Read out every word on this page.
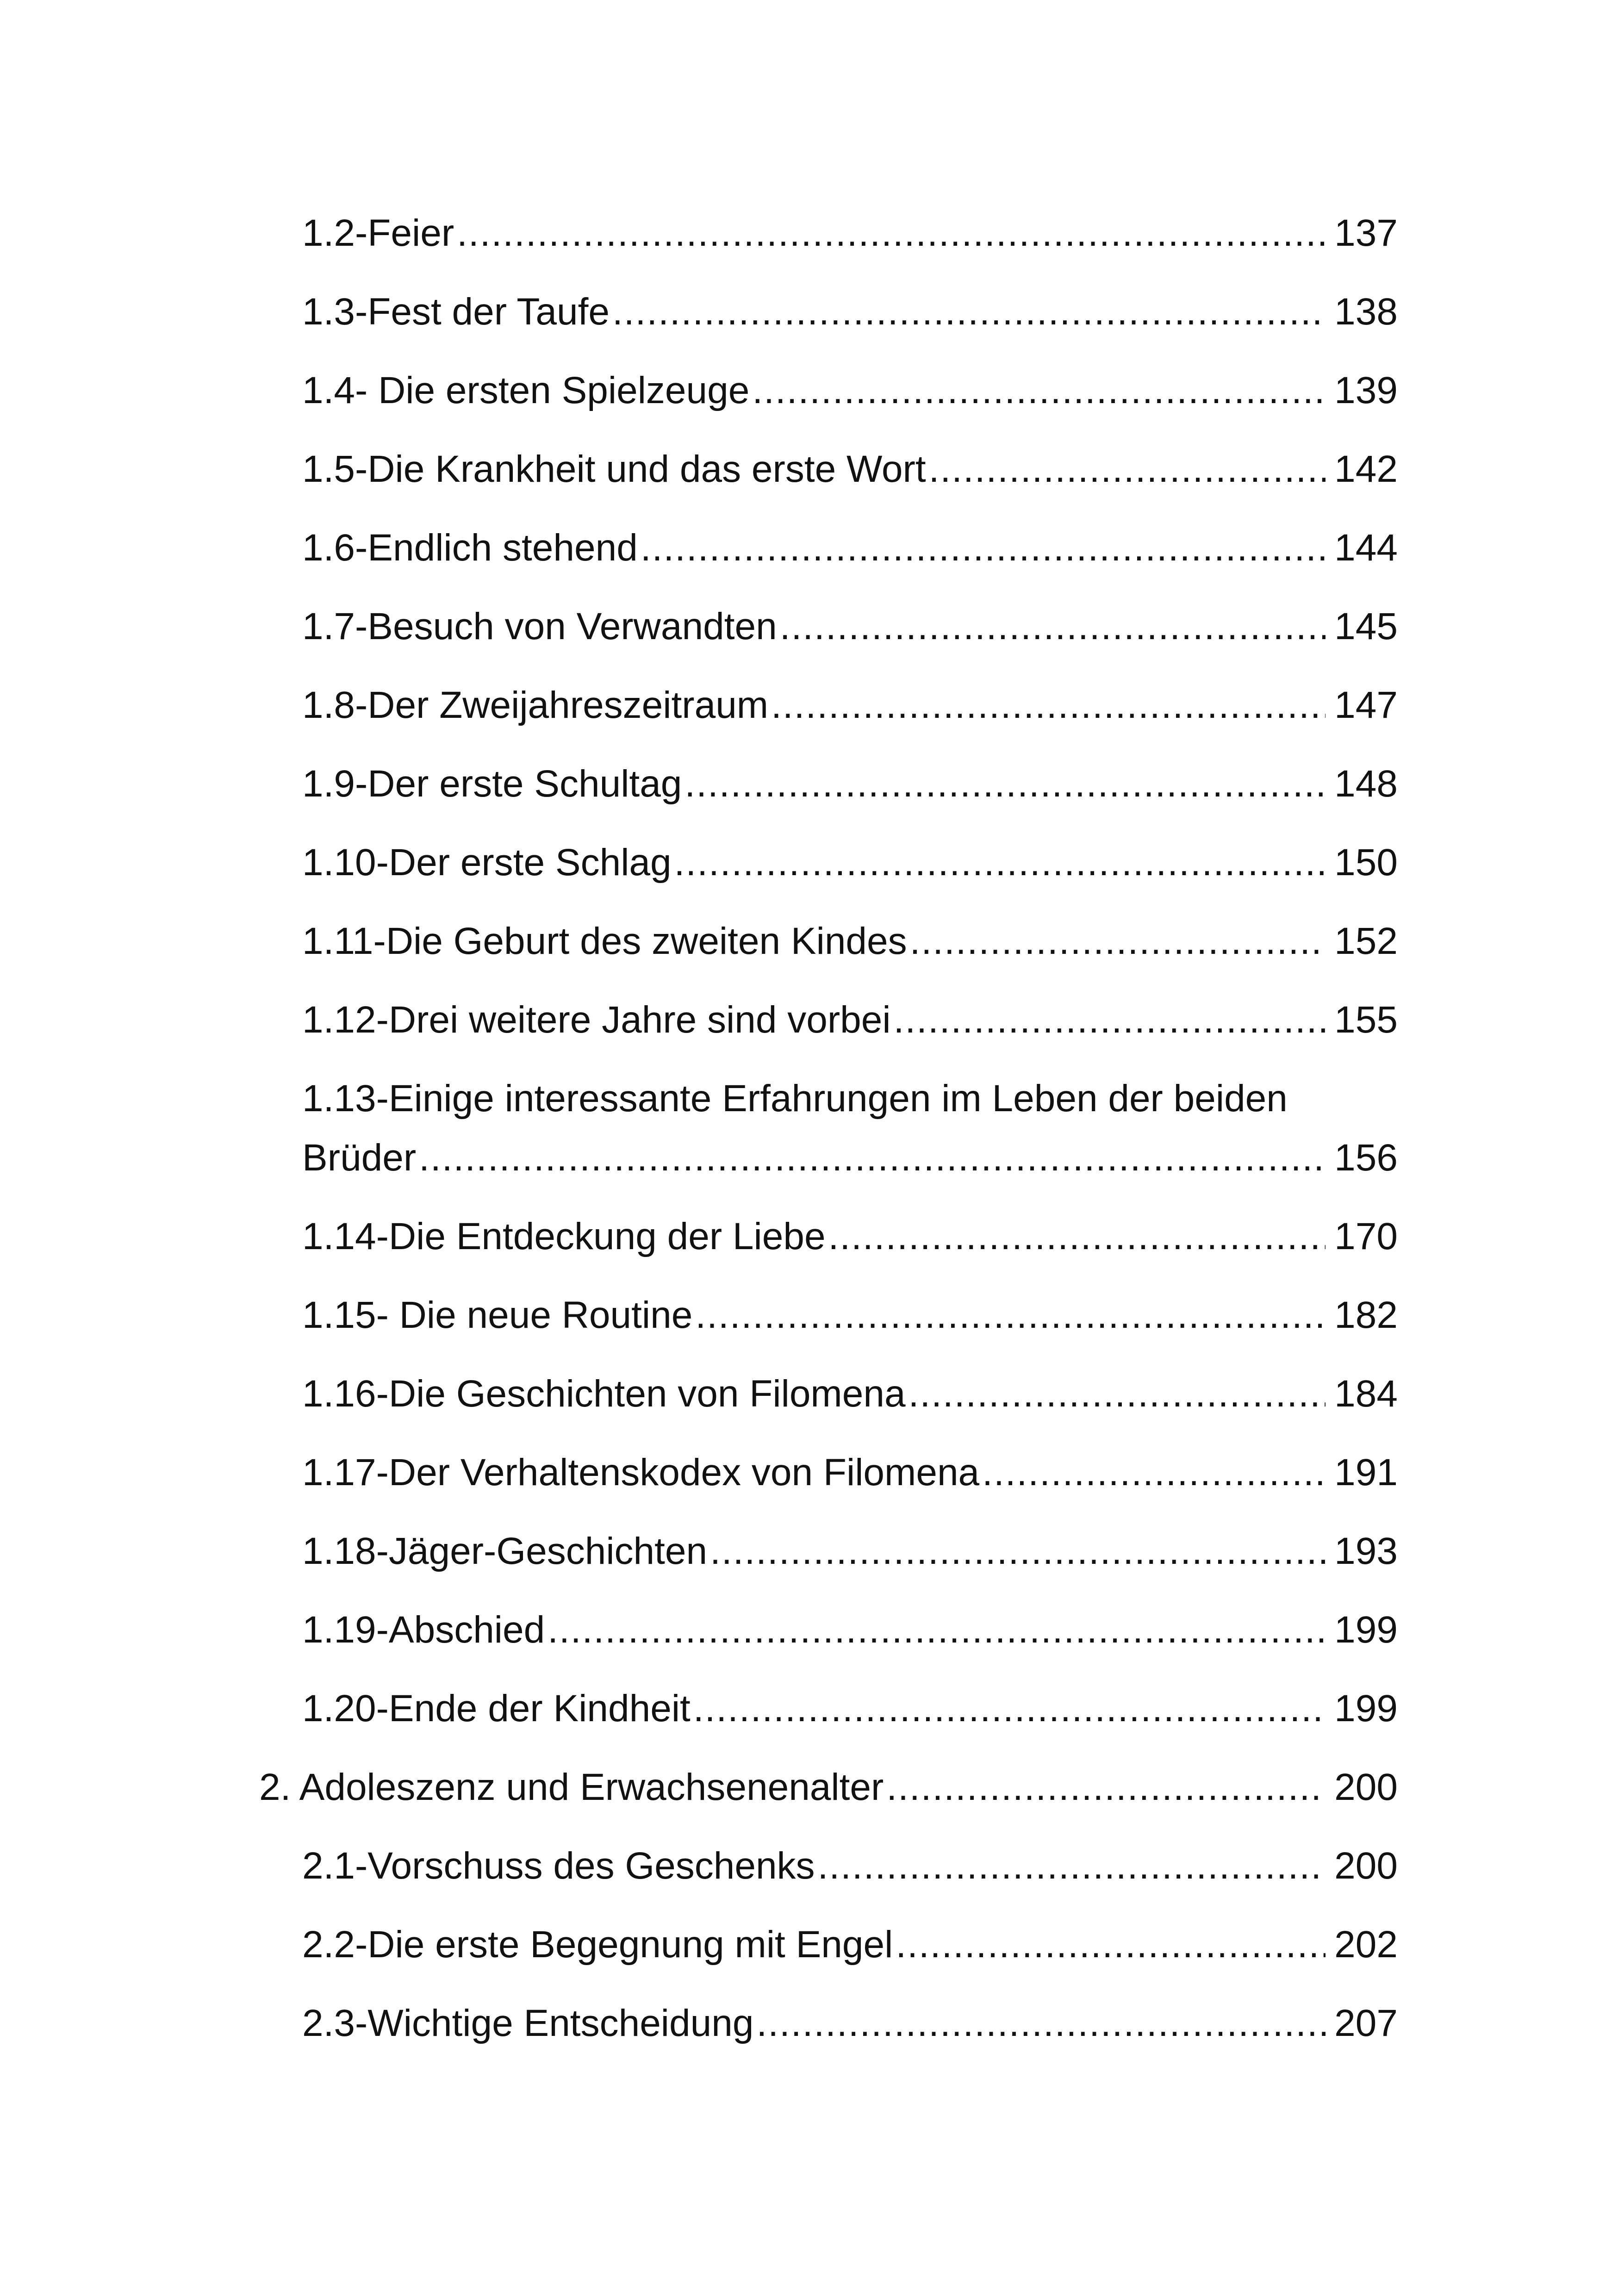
1.2-Feier .....	137
1.3-Fest der Taufe .....	138
1.4- Die ersten Spielzeuge .....	139
1.5-Die Krankheit und das erste Wort .....	142
1.6-Endlich stehend .....	144
1.7-Besuch von Verwandten .....	145
1.8-Der Zweijahreszeitraum .....	147
1.9-Der erste Schultag .....	148
1.10-Der erste Schlag .....	150
1.11-Die Geburt des zweiten Kindes .....	152
1.12-Drei weitere Jahre sind vorbei .....	155
1.13-Einige interessante Erfahrungen im Leben der beiden
Brüder .....	156
1.14-Die Entdeckung der Liebe .....	170
1.15- Die neue Routine .....	182
1.16-Die Geschichten von Filomena .....	184
1.17-Der Verhaltenskodex von Filomena .....	191
1.18-Jäger-Geschichten .....	193
1.19-Abschied .....	199
1.20-Ende der Kindheit .....	199
2. Adoleszenz und Erwachsenenalter .....	200
2.1-Vorschuss des Geschenks .....	200
2.2-Die erste Begegnung mit Engel .....	202
2.3-Wichtige Entscheidung .....	207
